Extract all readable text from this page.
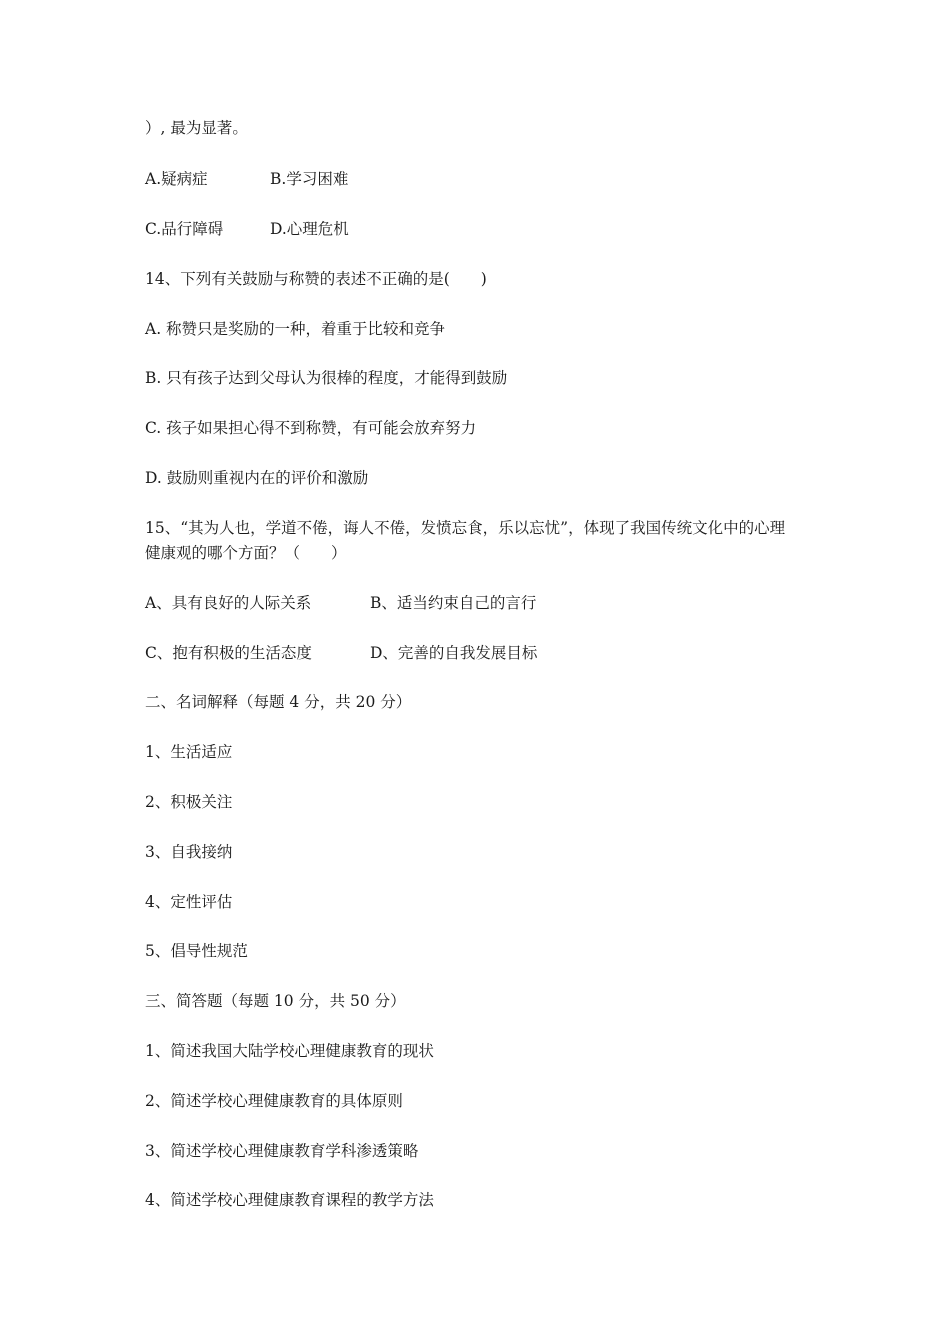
）, 最为显著。
A.疑病症	B.学习困难
C.品行障碍	D.心理危机
14、下列有关鼓励与称赞的表述不正确的是(　　)
A. 称赞只是奖励的一种，着重于比较和竞争
B. 只有孩子达到父母认为很棒的程度，才能得到鼓励
C. 孩子如果担心得不到称赞，有可能会放弃努力
D. 鼓励则重视内在的评价和激励
15、“其为人也，学道不倦，诲人不倦，发愤忘食，乐以忘忧”，体现了我国传统文化中的心理
健康观的哪个方面？（　　）
A、具有良好的人际关系	B、适当约束自己的言行
C、抱有积极的生活态度	D、完善的自我发展目标
二、名词解释（每题 4 分，共 20 分）
1、生活适应
2、积极关注
3、自我接纳
4、定性评估
5、倡导性规范
三、简答题（每题 10 分，共 50 分）
1、简述我国大陆学校心理健康教育的现状
2、简述学校心理健康教育的具体原则
3、简述学校心理健康教育学科渗透策略
4、简述学校心理健康教育课程的教学方法
